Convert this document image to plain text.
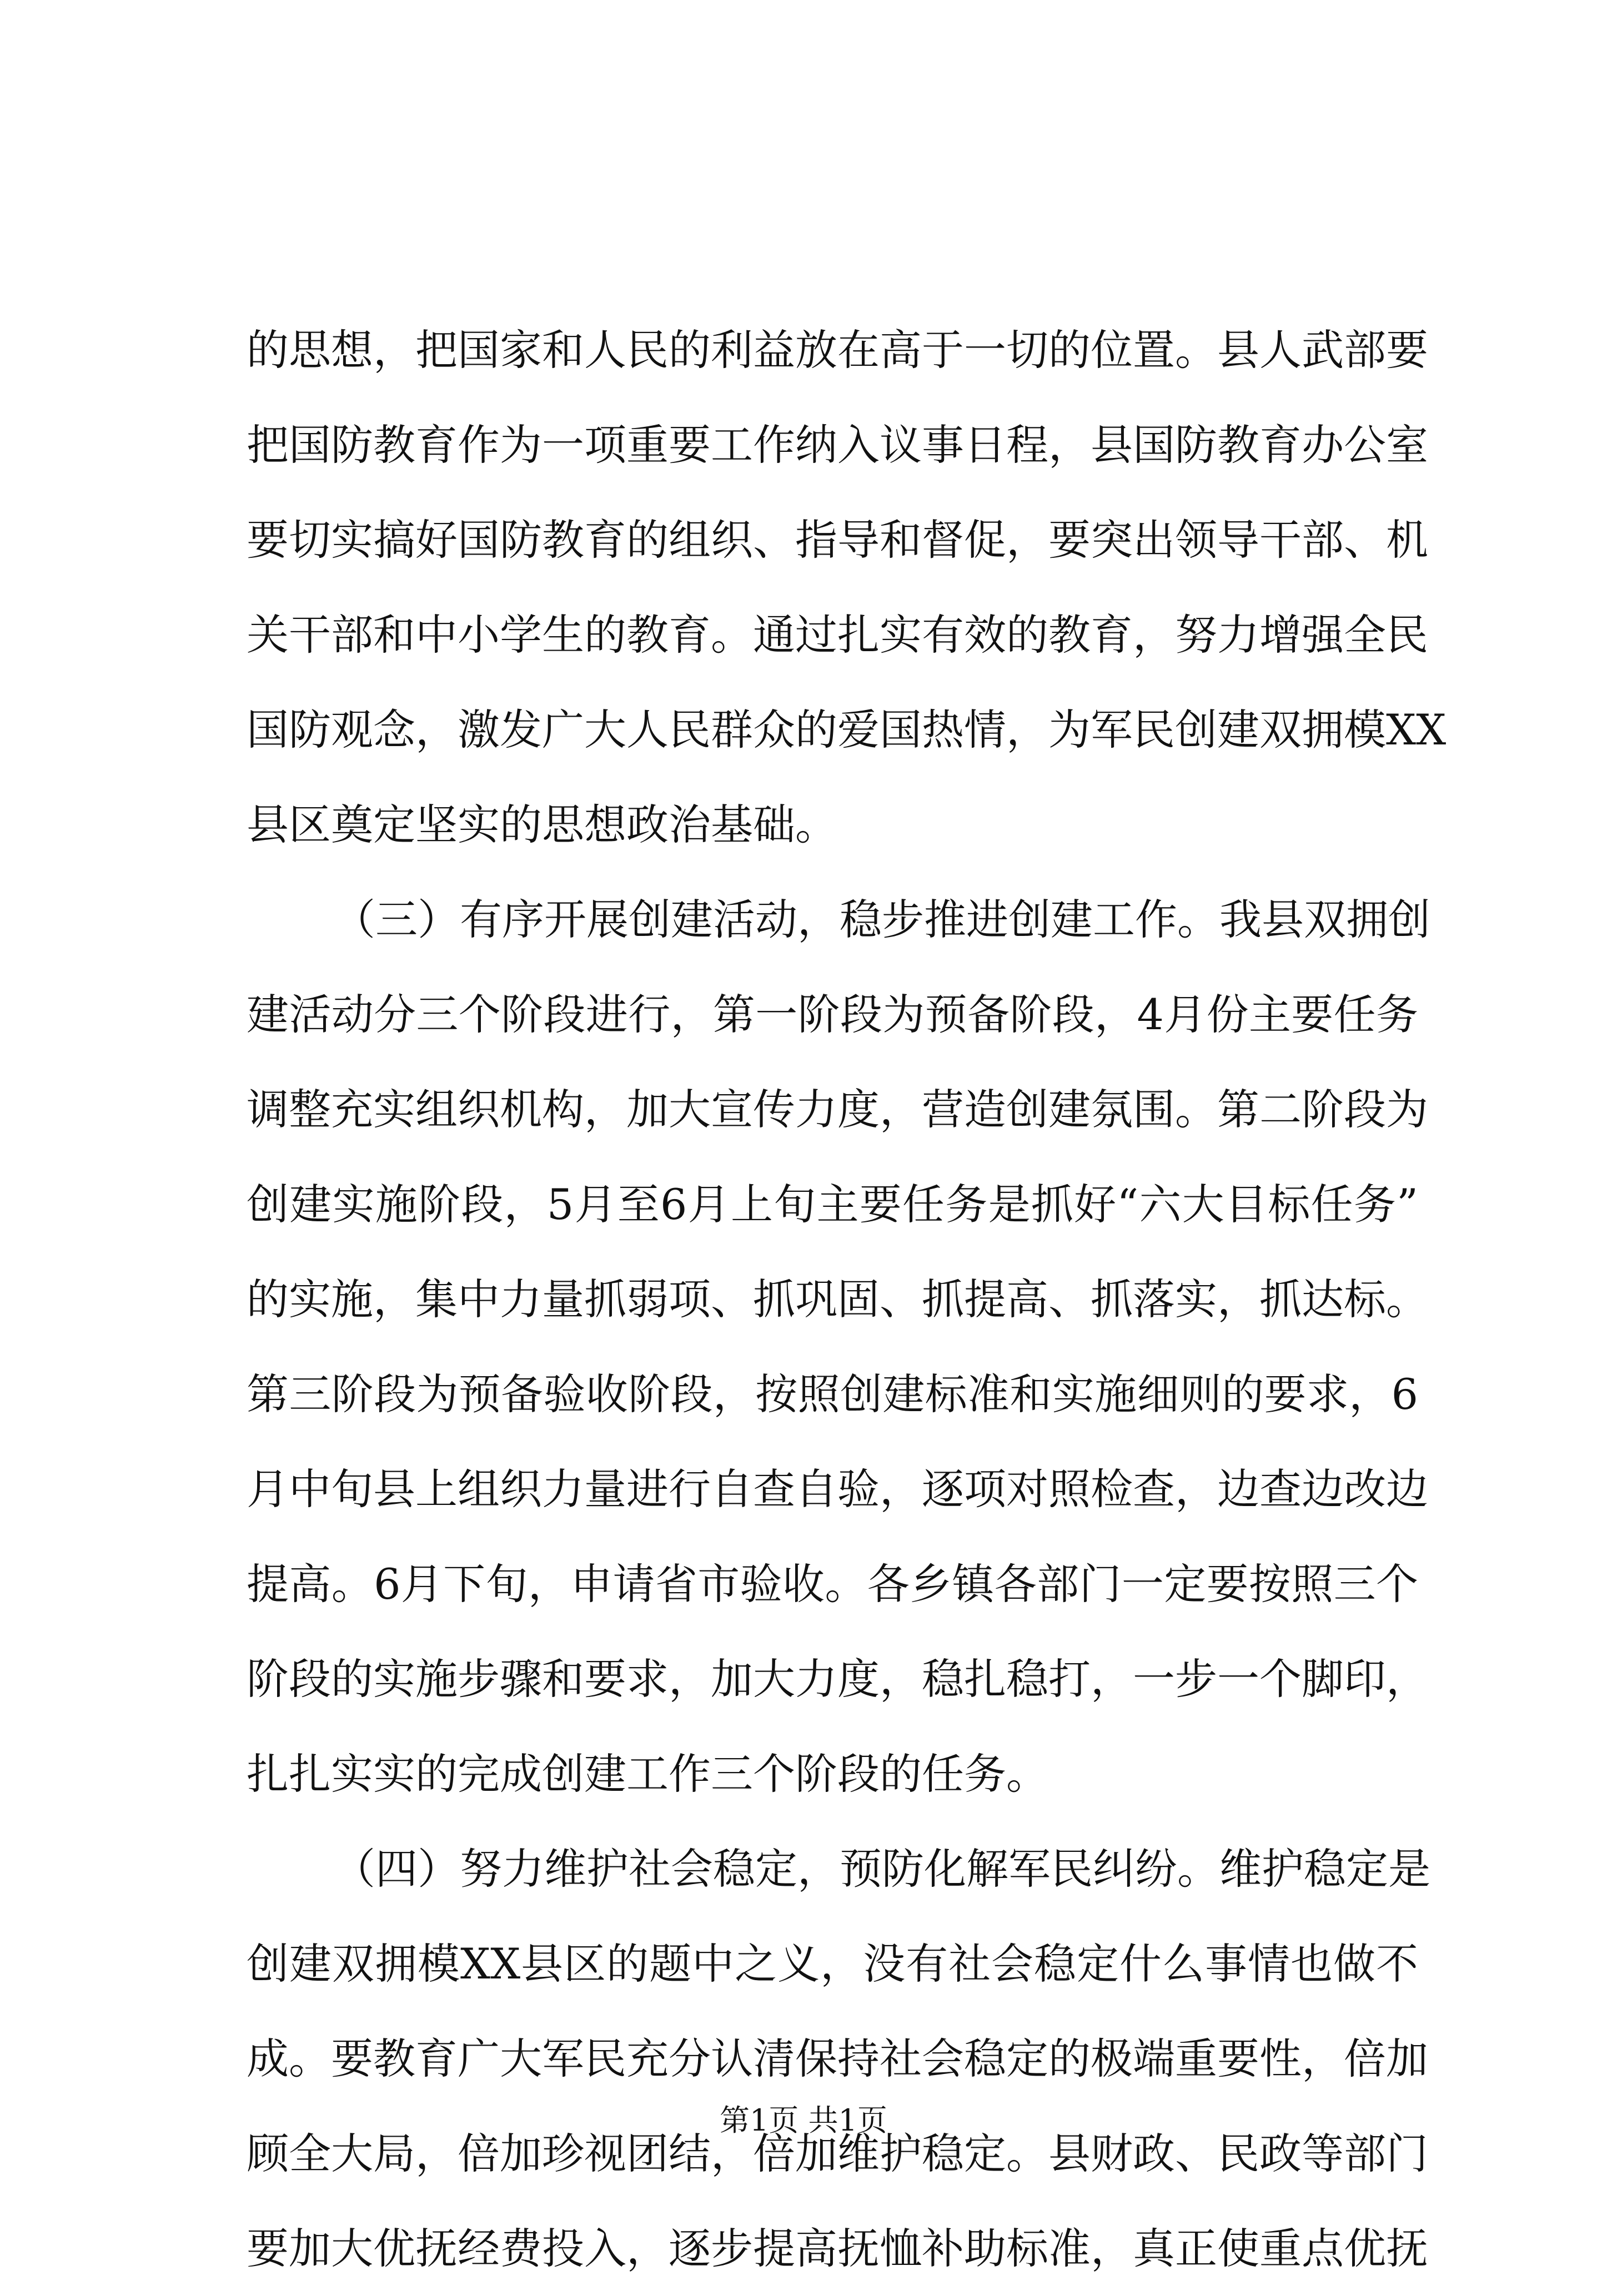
的思想，把国家和人民的利益放在高于一切的位置。县人武部要
把国防教育作为一项重要工作纳入议事日程，县国防教育办公室
要切实搞好国防教育的组织、指导和督促，要突出领导干部、机
关干部和中小学生的教育。通过扎实有效的教育，努力增强全民
国防观念，激发广大人民群众的爱国热情，为军民创建双拥模XX
县区奠定坚实的思想政治基础。
（三）有序开展创建活动，稳步推进创建工作。我县双拥创
建活动分三个阶段进行，第一阶段为预备阶段，4月份主要任务
调整充实组织机构，加大宣传力度，营造创建氛围。第二阶段为
创建实施阶段，5月至6月上旬主要任务是抓好“六大目标任务”
的实施，集中力量抓弱项、抓巩固、抓提高、抓落实，抓达标。
第三阶段为预备验收阶段，按照创建标准和实施细则的要求，6
月中旬县上组织力量进行自查自验，逐项对照检查，边查边改边
提高。6月下旬，申请省市验收。各乡镇各部门一定要按照三个
阶段的实施步骤和要求，加大力度，稳扎稳打，一步一个脚印，
扎扎实实的完成创建工作三个阶段的任务。
（四）努力维护社会稳定，预防化解军民纠纷。维护稳定是
创建双拥模XX县区的题中之义，没有社会稳定什么事情也做不
成。要教育广大军民充分认清保持社会稳定的极端重要性，倍加
顾全大局，倍加珍视团结，倍加维护稳定。县财政、民政等部门
要加大优抚经费投入，逐步提高抚恤补助标准，真正使重点优抚
第1页 共1页
